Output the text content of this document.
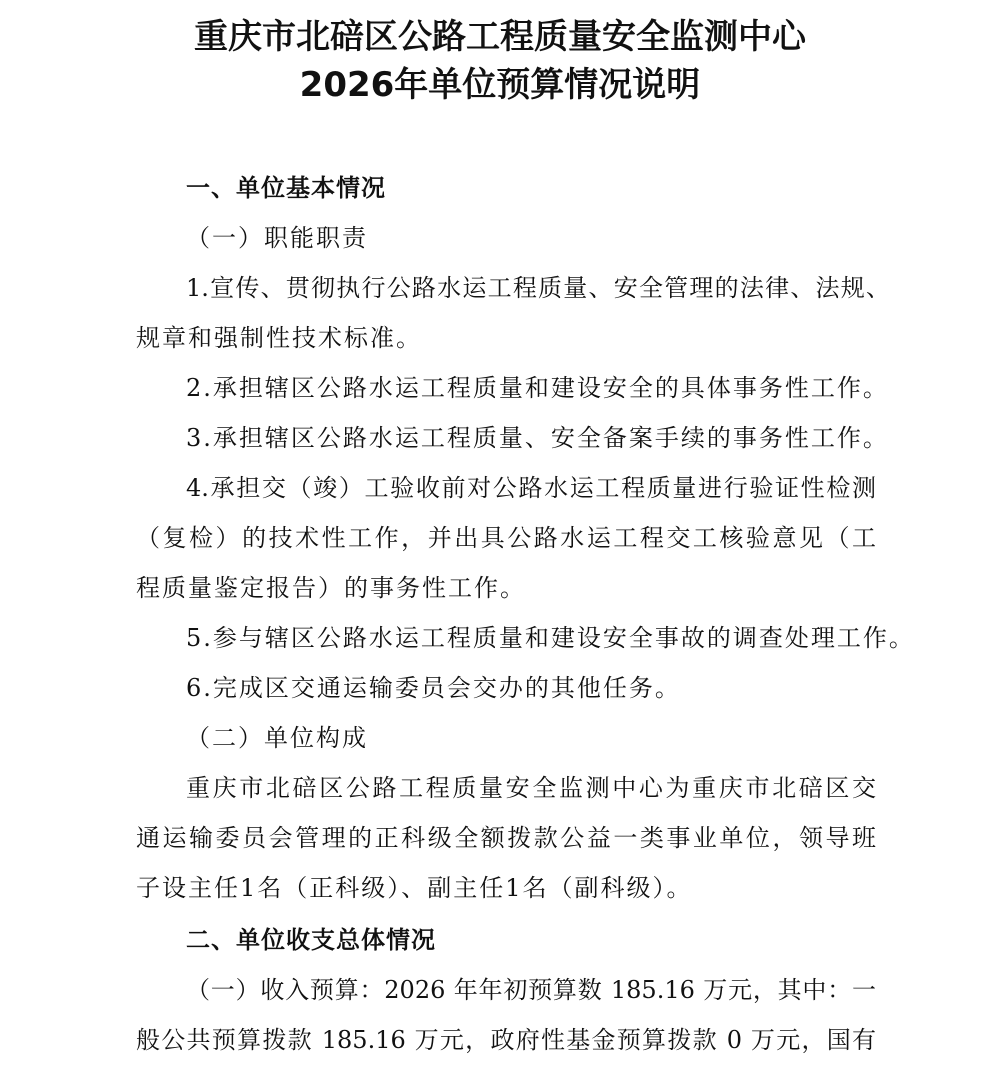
重庆市北碚区公路工程质量安全监测中心
2026年单位预算情况说明
一、单位基本情况
（一）职能职责
1.宣传、贯彻执行公路水运工程质量、安全管理的法律、法规、
规章和强制性技术标准。
2.承担辖区公路水运工程质量和建设安全的具体事务性工作。
3.承担辖区公路水运工程质量、安全备案手续的事务性工作。
4.承担交（竣）工验收前对公路水运工程质量进行验证性检测
（复检）的技术性工作，并出具公路水运工程交工核验意见（工
程质量鉴定报告）的事务性工作。
5.参与辖区公路水运工程质量和建设安全事故的调查处理工作。
6.完成区交通运输委员会交办的其他任务。
（二）单位构成
重庆市北碚区公路工程质量安全监测中心为重庆市北碚区交
通运输委员会管理的正科级全额拨款公益一类事业单位，领导班
子设主任1名（正科级）、副主任1名（副科级）。
二、单位收支总体情况
（一）收入预算：2026 年年初预算数 185.16 万元，其中：一
般公共预算拨款 185.16 万元，政府性基金预算拨款 0 万元，国有
